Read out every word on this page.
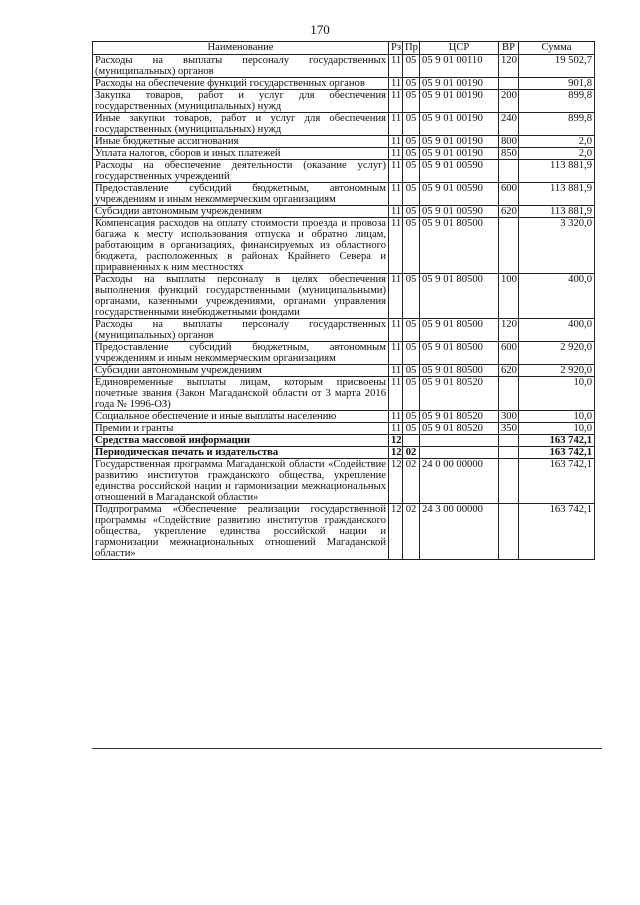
170
Наименование	Рз	Пр	ЦСР	ВР	Сумма
Расходы на выплаты персоналу государственных (муниципальных) органов	11	05	05 9 01 00110	120	19 502,7
Расходы на обеспечение функций государственных органов	11	05	05 9 01 00190		901,8
Закупка товаров, работ и услуг для обеспечения государственных (муниципальных) нужд	11	05	05 9 01 00190	200	899,8
Иные закупки товаров, работ и услуг для обеспечения государственных (муниципальных) нужд	11	05	05 9 01 00190	240	899,8
Иные бюджетные ассигнования	11	05	05 9 01 00190	800	2,0
Уплата налогов, сборов и иных платежей	11	05	05 9 01 00190	850	2,0
Расходы на обеспечение деятельности (оказание услуг) государственных учреждений	11	05	05 9 01 00590		113 881,9
Предоставление субсидий бюджетным, автономным учреждениям и иным некоммерческим организациям	11	05	05 9 01 00590	600	113 881,9
Субсидии автономным учреждениям	11	05	05 9 01 00590	620	113 881,9
Компенсация расходов на оплату стоимости проезда и провоза багажа к месту использования отпуска и обратно лицам, работающим в организациях, финансируемых из областного бюджета, расположенных в районах Крайнего Севера и приравненных к ним местностях	11	05	05 9 01 80500		3 320,0
Расходы на выплаты персоналу в целях обеспечения выполнения функций государственными (муниципальными) органами, казенными учреждениями, органами управления государственными внебюджетными фондами	11	05	05 9 01 80500	100	400,0
Расходы на выплаты персоналу государственных (муниципальных) органов	11	05	05 9 01 80500	120	400,0
Предоставление субсидий бюджетным, автономным учреждениям и иным некоммерческим организациям	11	05	05 9 01 80500	600	2 920,0
Субсидии автономным учреждениям	11	05	05 9 01 80500	620	2 920,0
Единовременные выплаты лицам, которым присвоены почетные звания (Закон Магаданской области от 3 марта 2016 года № 1996-ОЗ)	11	05	05 9 01 80520		10,0
Социальное обеспечение и иные выплаты населению	11	05	05 9 01 80520	300	10,0
Премии и гранты	11	05	05 9 01 80520	350	10,0
Средства массовой информации	12				163 742,1
Периодическая печать и издательства	12	02			163 742,1
Государственная программа Магаданской области «Содействие развитию институтов гражданского общества, укрепление единства российской нации и гармонизации межнациональных отношений в Магаданской области»	12	02	24 0 00 00000		163 742,1
Подпрограмма «Обеспечение реализации государственной программы «Содействие развитию институтов гражданского общества, укрепление единства российской нации и гармонизации межнациональных отношений Магаданской области»	12	02	24 3 00 00000		163 742,1
